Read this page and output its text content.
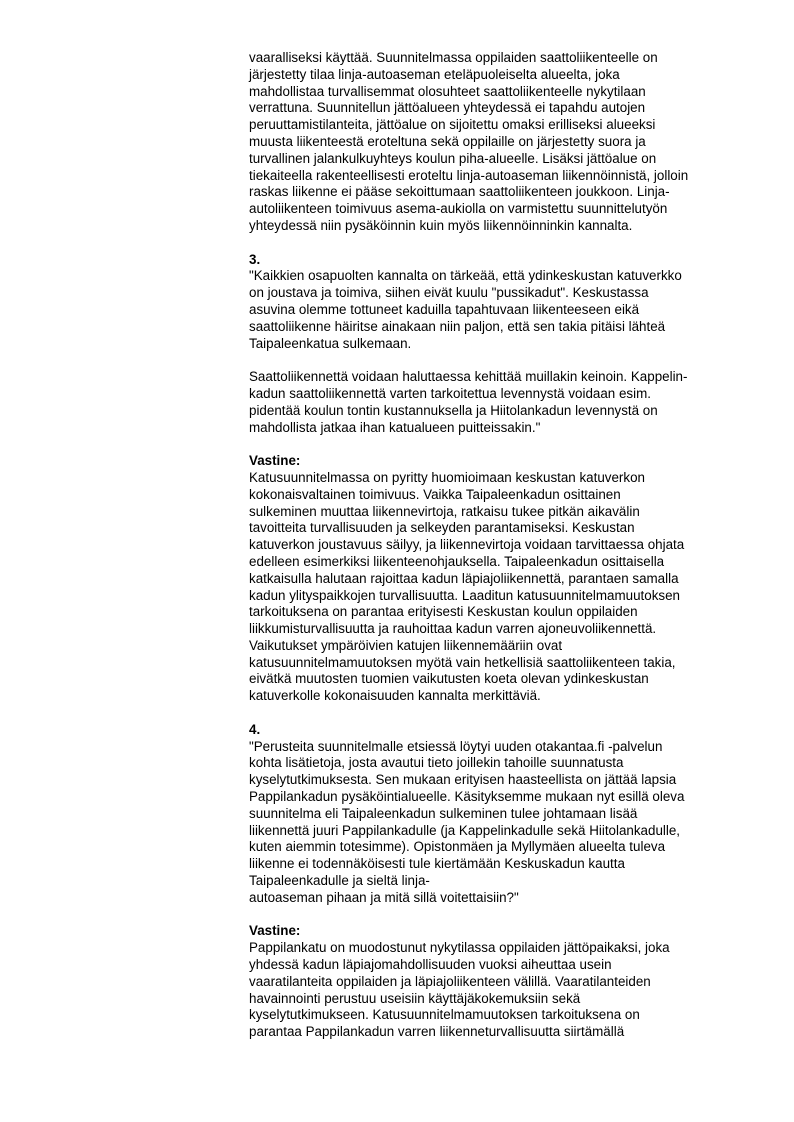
vaaralliseksi käyttää. Suunnitelmassa oppilaiden saattoliikenteelle on
järjestetty tilaa linja-autoaseman eteläpuoleiselta alueelta, joka
mahdollistaa turvallisemmat olosuhteet saattoliikenteelle nykytilaan
verrattuna. Suunnitellun jättöalueen yhteydessä ei tapahdu autojen
peruuttamistilanteita, jättöalue on sijoitettu omaksi erilliseksi alueeksi
muusta liikenteestä eroteltuna sekä oppilaille on järjestetty suora ja
turvallinen jalankulkuyhteys koulun piha-alueelle. Lisäksi jättöalue on
tiekaiteella rakenteellisesti eroteltu linja-autoaseman liikennöinnistä, jolloin
raskas liikenne ei pääse sekoittumaan saattoliikenteen joukkoon. Linja-
autoliikenteen toimivuus asema-aukiolla on varmistettu suunnittelutyön
yhteydessä niin pysäköinnin kuin myös liikennöinninkin kannalta.
3.
"Kaikkien osapuolten kannalta on tärkeää, että ydinkeskustan katuverkko
on joustava ja toimiva, siihen eivät kuulu "pussikadut". Keskustassa
asuvina olemme tottuneet kaduilla tapahtuvaan liikenteeseen eikä
saattoliikenne häiritse ainakaan niin paljon, että sen takia pitäisi lähteä
Taipaleenkatua sulkemaan.
Saattoliikennettä voidaan haluttaessa kehittää muillakin keinoin. Kappelin-
kadun saattoliikennettä varten tarkoitettua levennystä voidaan esim.
pidentää koulun tontin kustannuksella ja Hiitolankadun levennystä on
mahdollista jatkaa ihan katualueen puitteissakin."
Vastine:
Katusuunnitelmassa on pyritty huomioimaan keskustan katuverkon
kokonaisvaltainen toimivuus. Vaikka Taipaleenkadun osittainen
sulkeminen muuttaa liikennevirtoja, ratkaisu tukee pitkän aikavälin
tavoitteita turvallisuuden ja selkeyden parantamiseksi. Keskustan
katuverkon joustavuus säilyy, ja liikennevirtoja voidaan tarvittaessa ohjata
edelleen esimerkiksi liikenteenohjauksella. Taipaleenkadun osittaisella
katkaisulla halutaan rajoittaa kadun läpiajoliikennettä, parantaen samalla
kadun ylityspaikkojen turvallisuutta. Laaditun katusuunnitelmamuutoksen
tarkoituksena on parantaa erityisesti Keskustan koulun oppilaiden
liikkumisturvallisuutta ja rauhoittaa kadun varren ajoneuvoliikennettä.
Vaikutukset ympäröivien katujen liikennemääriin ovat
katusuunnitelmamuutoksen myötä vain hetkellisiä saattoliikenteen takia,
eivätkä muutosten tuomien vaikutusten koeta olevan ydinkeskustan
katuverkolle kokonaisuuden kannalta merkittäviä.
4.
"Perusteita suunnitelmalle etsiessä löytyi uuden otakantaa.fi -palvelun
kohta lisätietoja, josta avautui tieto joillekin tahoille suunnatusta
kyselytutkimuksesta. Sen mukaan erityisen haasteellista on jättää lapsia
Pappilankadun pysäköintialueelle. Käsityksemme mukaan nyt esillä oleva
suunnitelma eli Taipaleenkadun sulkeminen tulee johtamaan lisää
liikennettä juuri Pappilankadulle (ja Kappelinkadulle sekä Hiitolankadulle,
kuten aiemmin totesimme). Opistonmäen ja Myllymäen alueelta tuleva
liikenne ei todennäköisesti tule kiertämään Keskuskadun kautta
Taipaleenkadulle ja sieltä linja-
autoaseman pihaan ja mitä sillä voitettaisiin?"
Vastine:
Pappilankatu on muodostunut nykytilassa oppilaiden jättöpaikaksi, joka
yhdessä kadun läpiajomahdollisuuden vuoksi aiheuttaa usein
vaaratilanteita oppilaiden ja läpiajoliikenteen välillä. Vaaratilanteiden
havainnointi perustuu useisiin käyttäjäkokemuksiin sekä
kyselytutkimukseen. Katusuunnitelmamuutoksen tarkoituksena on
parantaa Pappilankadun varren liikenneturvallisuutta siirtämällä
